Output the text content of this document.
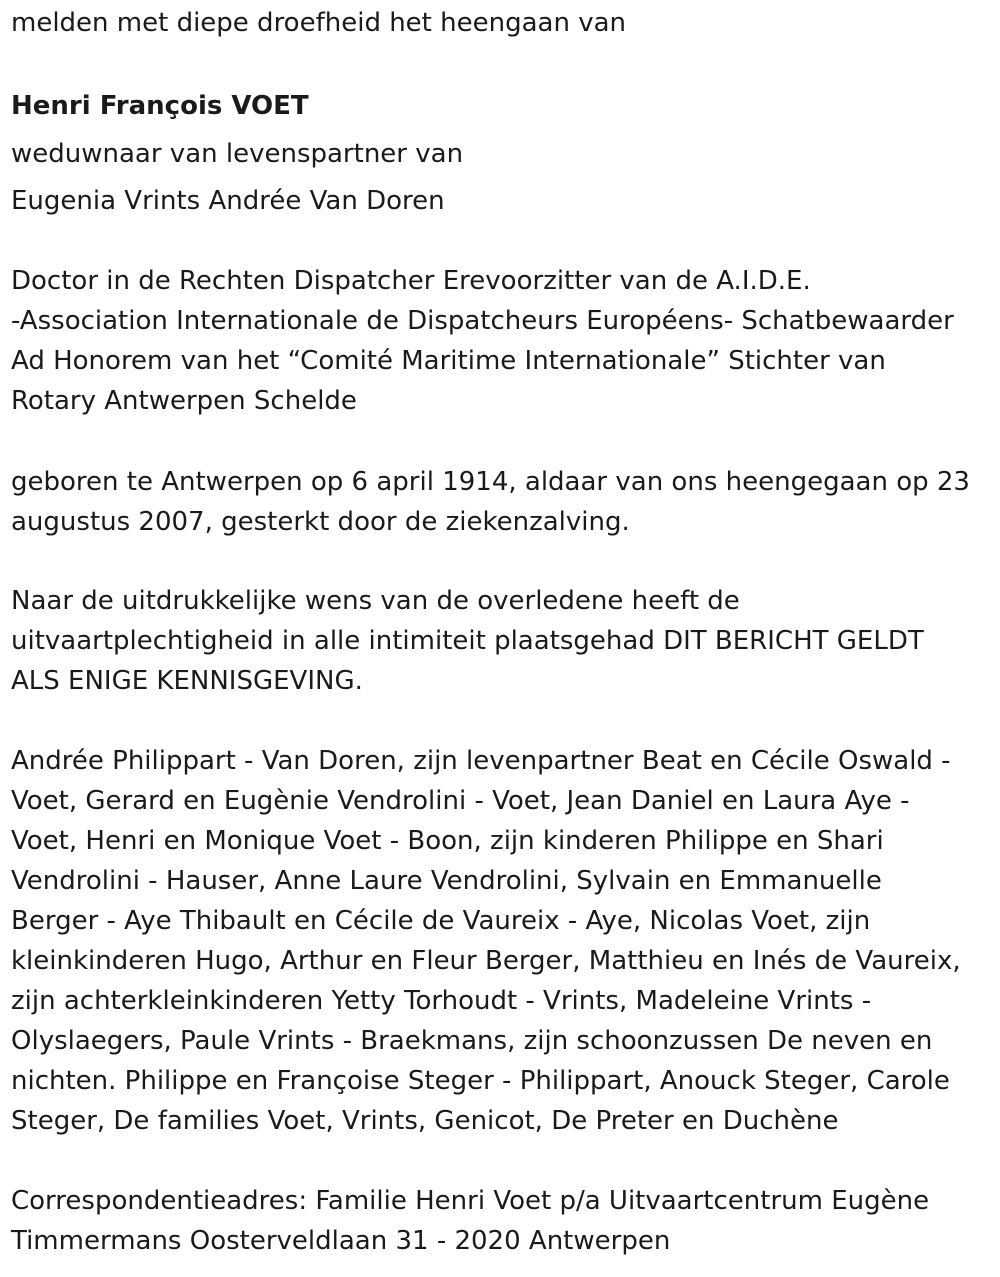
melden met diepe droefheid het heengaan van

Henri François VOET

weduwnaar van levenspartner van

Eugenia Vrints Andrée Van Doren

Doctor in de Rechten Dispatcher Erevoorzitter van de A.I.D.E.
-Association Internationale de Dispatcheurs Européens- Schatbewaarder
Ad Honorem van het “Comité Maritime Internationale” Stichter van
Rotary Antwerpen Schelde
geboren te Antwerpen op 6 april 1914, aldaar van ons heengegaan op 23
augustus 2007, gesterkt door de ziekenzalving.
Naar de uitdrukkelijke wens van de overledene heeft de
uitvaartplechtigheid in alle intimiteit plaatsgehad DIT BERICHT GELDT
ALS ENIGE KENNISGEVING.
Andrée Philippart - Van Doren, zijn levenpartner Beat en Cécile Oswald -
Voet, Gerard en Eugènie Vendrolini - Voet, Jean Daniel en Laura Aye -
Voet, Henri en Monique Voet - Boon, zijn kinderen Philippe en Shari
Vendrolini - Hauser, Anne Laure Vendrolini, Sylvain en Emmanuelle
Berger - Aye Thibault en Cécile de Vaureix - Aye, Nicolas Voet, zijn
kleinkinderen Hugo, Arthur en Fleur Berger, Matthieu en Inés de Vaureix,
zijn achterkleinkinderen Yetty Torhoudt - Vrints, Madeleine Vrints -
Olyslaegers, Paule Vrints - Braekmans, zijn schoonzussen De neven en
nichten. Philippe en Françoise Steger - Philippart, Anouck Steger, Carole
Steger, De families Voet, Vrints, Genicot, De Preter en Duchène
Correspondentieadres: Familie Henri Voet p/a Uitvaartcentrum Eugène
Timmermans Oosterveldlaan 31 - 2020 Antwerpen
